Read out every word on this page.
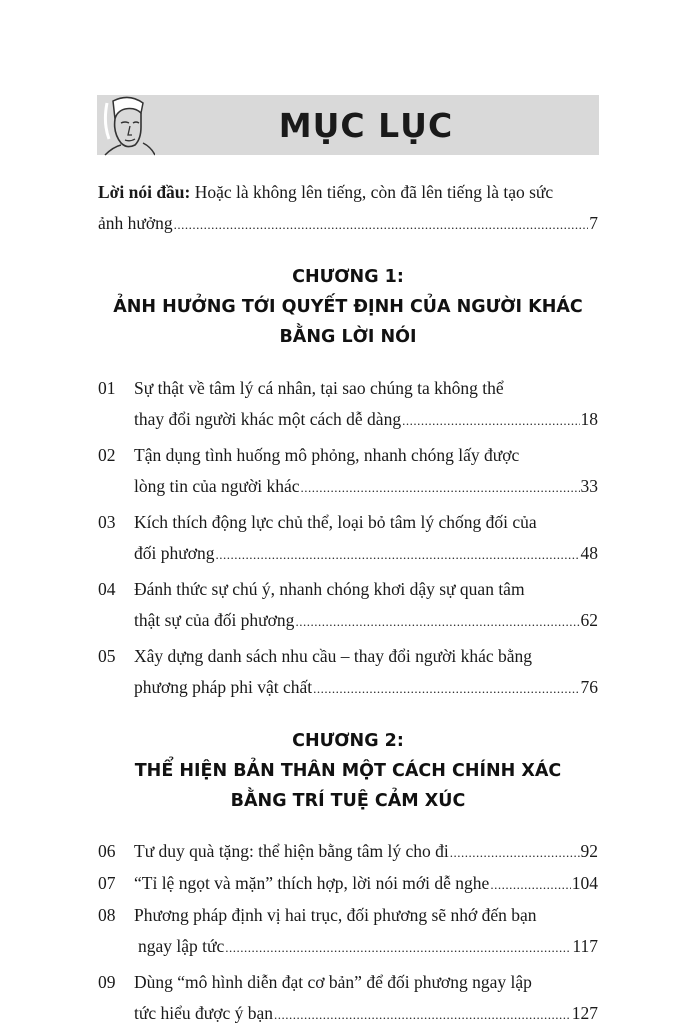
MỤC LỤC
Lời nói đầu: Hoặc là không lên tiếng, còn đã lên tiếng là tạo sức
ảnh hưởng .....	7
CHƯƠNG 1:
ẢNH HƯỞNG TỚI QUYẾT ĐỊNH CỦA NGƯỜI KHÁC
BẰNG LỜI NÓI
01	Sự thật về tâm lý cá nhân, tại sao chúng ta không thể
thay đổi người khác một cách dễ dàng .....	18
02	Tận dụng tình huống mô phỏng, nhanh chóng lấy được
lòng tin của người khác .....	33
03	Kích thích động lực chủ thể, loại bỏ tâm lý chống đối của
đối phương .....	48
04	Đánh thức sự chú ý, nhanh chóng khơi dậy sự quan tâm
thật sự của đối phương .....	62
05	Xây dựng danh sách nhu cầu – thay đổi người khác bằng
phương pháp phi vật chất .....	76
CHƯƠNG 2:
THỂ HIỆN BẢN THÂN MỘT CÁCH CHÍNH XÁC
BẰNG TRÍ TUỆ CẢM XÚC
06	Tư duy quà tặng: thể hiện bằng tâm lý cho đi .....	92
07	“Tỉ lệ ngọt và mặn” thích hợp, lời nói mới dễ nghe .....	104
08	Phương pháp định vị hai trục, đối phương sẽ nhớ đến bạn
ngay lập tức .....	117
09	Dùng “mô hình diễn đạt cơ bản” để đối phương ngay lập
tức hiểu được ý bạn .....	127
